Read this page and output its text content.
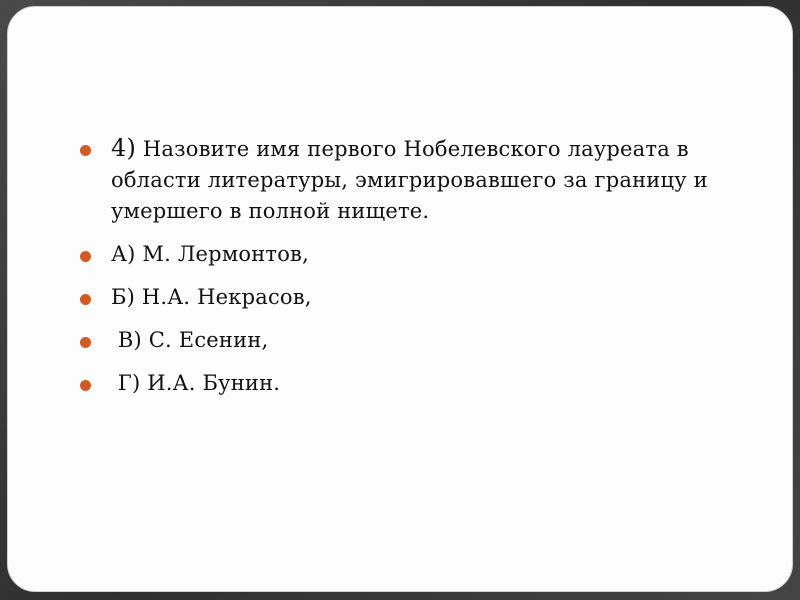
4) Назовите имя первого Нобелевского лауреата в области литературы, эмигрировавшего за границу и умершего в полной нищете.
А) М. Лермонтов,
Б) Н.А. Некрасов,
В) С. Есенин,
Г) И.А. Бунин.
